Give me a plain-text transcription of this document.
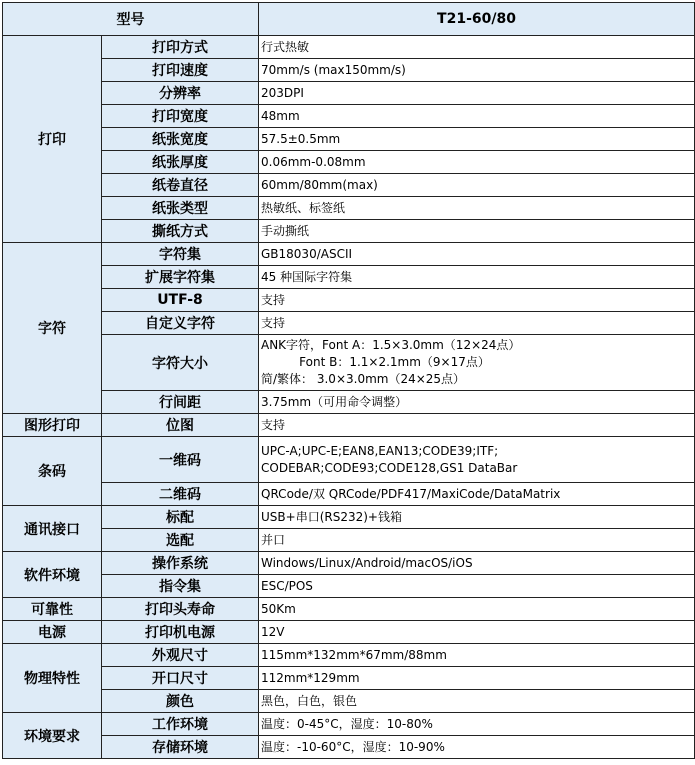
型号		T21-60/80
打印	打印方式	行式热敏

	打印速度	70mm/s (max150mm/s)

	分辨率	203DPI

	打印宽度	48mm

	纸张宽度	57.5±0.5mm

	纸张厚度	0.06mm-0.08mm

	纸卷直径	60mm/80mm(max)

	纸张类型	热敏纸、标签纸

	撕纸方式	手动撕纸

字符	字符集	GB18030/ASCII

	扩展字符集	45 种国际字符集

	UTF-8	支持

	自定义字符	支持

	字符大小	ANK字符，Font A：1.5×3.0mm（12×24点）
Font B：1.1×2.1mm（9×17点）
简/繁体： 3.0×3.0mm（24×25点）

	行间距	3.75mm（可用命令调整）

图形打印	位图	支持

条码	一维码	UPC-A;UPC-E;EAN8,EAN13;CODE39;ITF;
CODEBAR;CODE93;CODE128,GS1 DataBar

	二维码	QRCode/双 QRCode/PDF417/MaxiCode/DataMatrix

通讯接口	标配	USB+串口(RS232)+钱箱

	选配	并口

软件环境	操作系统	Windows/Linux/Android/macOS/iOS

	指令集	ESC/POS

可靠性	打印头寿命	50Km

电源	打印机电源	12V

物理特性	外观尺寸	115mm*132mm*67mm/88mm

	开口尺寸	112mm*129mm

	颜色	黑色，白色，银色

环境要求	工作环境	温度：0-45°C，湿度：10-80%

	存储环境	温度：-10-60°C，湿度：10-90%
